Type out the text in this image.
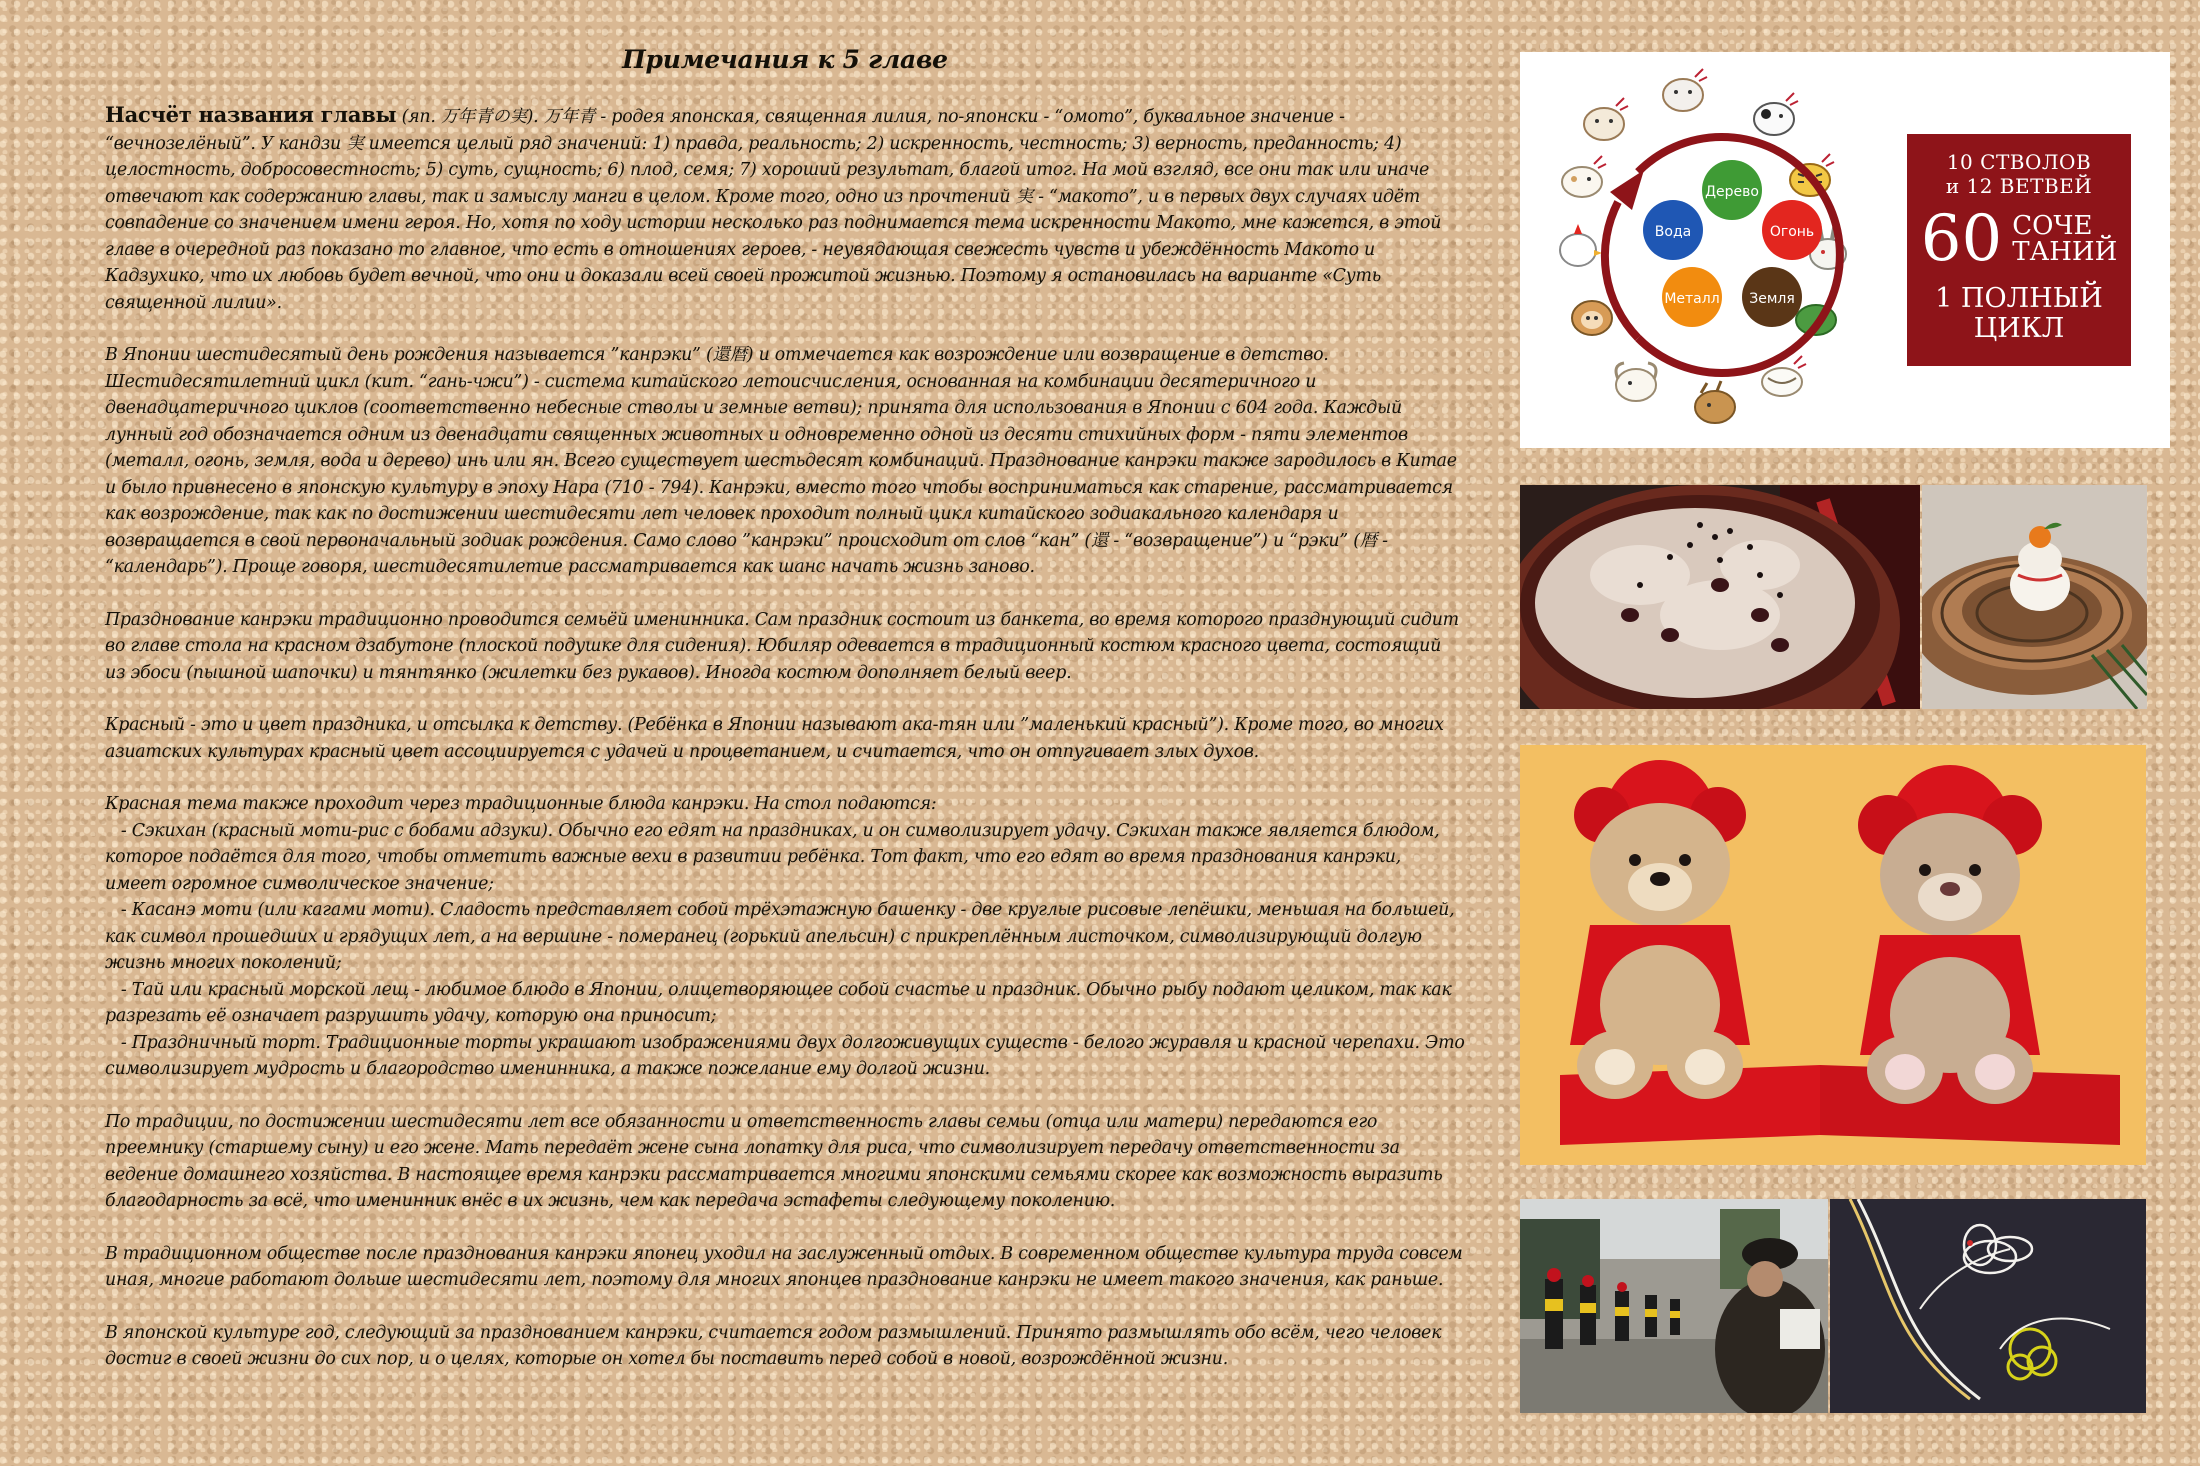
Примечания к 5 главе
Насчёт названия главы (яп. 万年青の実). 万年青 - родея японская, священная лилия, по-японски - “омото”, буквальное значение - “вечнозелёный”. У кандзи 実 имеется целый ряд значений: 1) правда, реальность; 2) искренность, честность; 3) верность, преданность; 4) целостность, добросовестность; 5) суть, сущность; 6) плод, семя; 7) хороший результат, благой итог. На мой взгляд, все они так или иначе отвечают как содержанию главы, так и замыслу манги в целом. Кроме того, одно из прочтений 実 - “макото”, и в первых двух случаях идёт совпадение со значением имени героя. Но, хотя по ходу истории несколько раз поднимается тема искренности Макото, мне кажется, в этой главе в очередной раз показано то главное, что есть в отношениях героев, - неувядающая свежесть чувств и убеждённость Макото и Кадзухико, что их любовь будет вечной, что они и доказали всей своей прожитой жизнью. Поэтому я остановилась на варианте «Суть священной лилии».
В Японии шестидесятый день рождения называется ”канрэки” (還暦) и отмечается как возрождение или возвращение в детство. Шестидесятилетний цикл (кит. “гань-чжи”) - система китайского летоисчисления, основанная на комбинации десятеричного и двенадцатеричного циклов (соответственно небесные стволы и земные ветви); принята для использования в Японии с 604 года. Каждый лунный год обозначается одним из двенадцати священных животных и одновременно одной из десяти стихийных форм - пяти элементов (металл, огонь, земля, вода и дерево) инь или ян. Всего существует шестьдесят комбинаций. Празднование канрэки также зародилось в Китае и было привнесено в японскую культуру в эпоху Нара (710 - 794). Канрэки, вместо того чтобы восприниматься как старение, рассматривается как возрождение, так как по достижении шестидесяти лет человек проходит полный цикл китайского зодиакального календаря и возвращается в свой первоначальный зодиак рождения. Само слово ”канрэки” происходит от слов “кан” (還 - “возвращение”) и “рэки” (暦 - “календарь”). Проще говоря, шестидесятилетие рассматривается как шанс начать жизнь заново.
Празднование канрэки традиционно проводится семьёй именинника. Сам праздник состоит из банкета, во время которого празднующий сидит во главе стола на красном дзабутоне (плоской подушке для сидения). Юбиляр одевается в традиционный костюм красного цвета, состоящий из эбоси (пышной шапочки) и тянтянко (жилетки без рукавов). Иногда костюм дополняет белый веер.
Красный - это и цвет праздника, и отсылка к детству. (Ребёнка в Японии называют ака-тян или ”маленький красный”). Кроме того, во многих азиатских культурах красный цвет ассоциируется с удачей и процветанием, и считается, что он отпугивает злых духов.
Красная тема также проходит через традиционные блюда канрэки. На стол подаются:
- Сэкихан (красный моти-рис с бобами адзуки). Обычно его едят на праздниках, и он символизирует удачу. Сэкихан также является блюдом, которое подаётся для того, чтобы отметить важные вехи в развитии ребёнка. Тот факт, что его едят во время празднования канрэки, имеет огромное символическое значение;
- Касанэ моти (или кагами моти). Сладость представляет собой трёхэтажную башенку - две круглые рисовые лепёшки, меньшая на большей, как символ прошедших и грядущих лет, а на вершине - померанец (горький апельсин) с прикреплённым листочком, символизирующий долгую жизнь многих поколений;
- Тай или красный морской лещ - любимое блюдо в Японии, олицетворяющее собой счастье и праздник. Обычно рыбу подают целиком, так как разрезать её означает разрушить удачу, которую она приносит;
- Праздничный торт. Традиционные торты украшают изображениями двух долгоживущих существ - белого журавля и красной черепахи. Это символизирует мудрость и благородство именинника, а также пожелание ему долгой жизни.
По традиции, по достижении шестидесяти лет все обязанности и ответственность главы семьи (отца или матери) передаются его преемнику (старшему сыну) и его жене. Мать передаёт жене сына лопатку для риса, что символизирует передачу ответственности за ведение домашнего хозяйства. В настоящее время канрэки рассматривается многими японскими семьями скорее как возможность выразить благодарность за всё, что именинник внёс в их жизнь, чем как передача эстафеты следующему поколению.
В традиционном обществе после празднования канрэки японец уходил на заслуженный отдых. В современном обществе культура труда совсем иная, многие работают дольше шестидесяти лет, поэтому для многих японцев празднование канрэки не имеет такого значения, как раньше.
В японской культуре год, следующий за празднованием канрэки, считается годом размышлений. Принято размышлять обо всём, чего человек достиг в своей жизни до сих пор, и о целях, которые он хотел бы поставить перед собой в новой, возрождённой жизни.
Дерево
Огонь
Земля
Металл
Вода
10 СТВОЛОВ
и 12 ВЕТВЕЙ
60 СОЧЕ
ТАНИЙ
1 ПОЛНЫЙ
ЦИКЛ
